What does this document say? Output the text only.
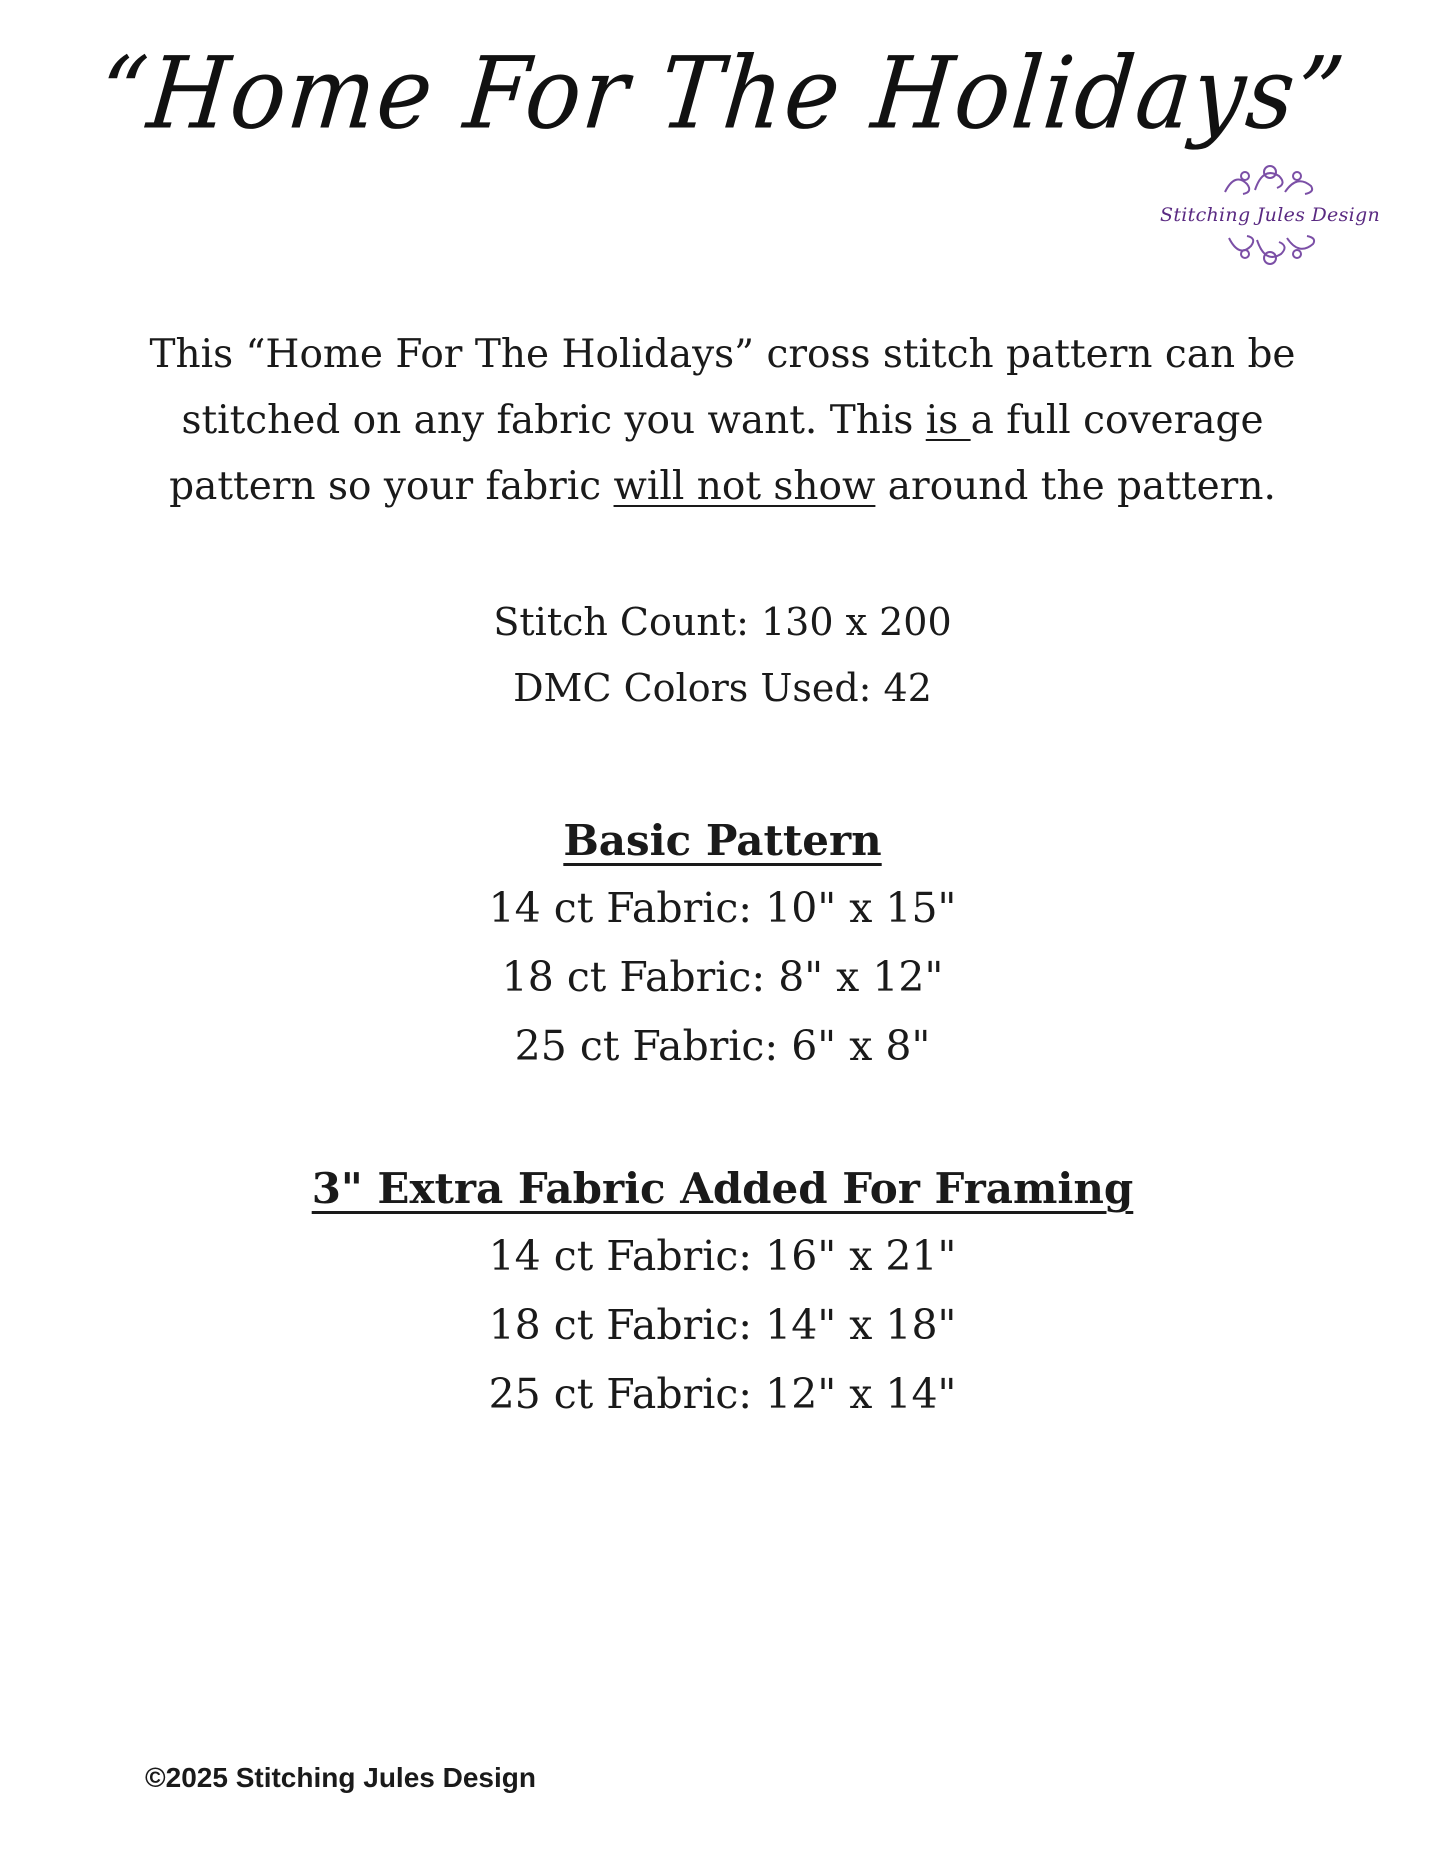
“Home For The Holidays”
Stitching Jules Design
This “Home For The Holidays” cross stitch pattern can be stitched on any fabric you want. This is a full coverage pattern so your fabric will not show around the pattern.
Stitch Count: 130 x 200
DMC Colors Used: 42
Basic Pattern
14 ct Fabric: 10" x 15"
18 ct Fabric: 8" x 12"
25 ct Fabric: 6" x 8"
3" Extra Fabric Added For Framing
14 ct Fabric: 16" x 21"
18 ct Fabric: 14" x 18"
25 ct Fabric: 12" x 14"
©2025 Stitching Jules Design
